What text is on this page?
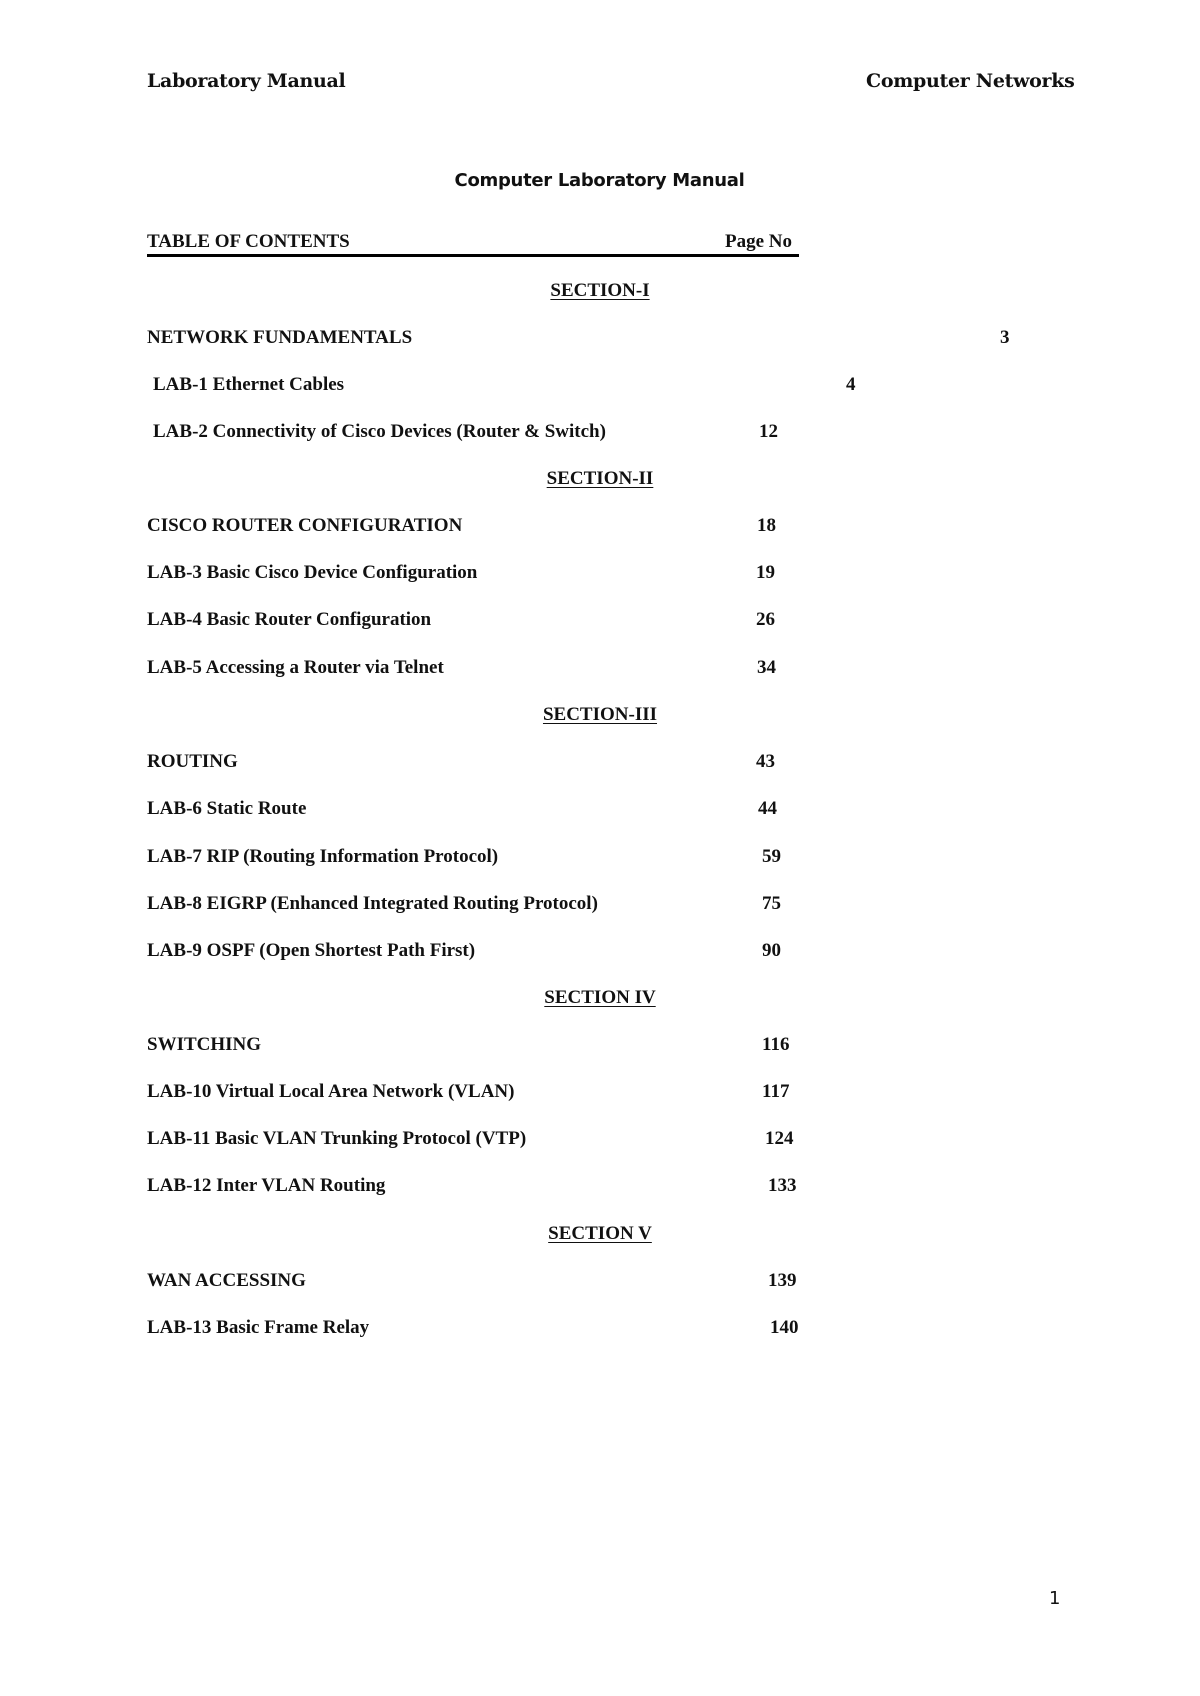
Laboratory Manual	Computer Networks
Computer Laboratory Manual
TABLE OF CONTENTS	Page No
SECTION-I
NETWORK FUNDAMENTALS	3
LAB-1 Ethernet Cables	4
LAB-2 Connectivity of Cisco Devices (Router & Switch)	12
SECTION-II
CISCO ROUTER CONFIGURATION	18
LAB-3 Basic Cisco Device Configuration	19
LAB-4 Basic Router Configuration	26
LAB-5 Accessing a Router via Telnet	34
SECTION-III
ROUTING	43
LAB-6 Static Route	44
LAB-7 RIP (Routing Information Protocol)	59
LAB-8 EIGRP (Enhanced Integrated Routing Protocol)	75
LAB-9 OSPF (Open Shortest Path First)	90
SECTION IV
SWITCHING	116
LAB-10 Virtual Local Area Network (VLAN)	117
LAB-11 Basic VLAN Trunking Protocol (VTP)	124
LAB-12 Inter VLAN Routing	133
SECTION V
WAN ACCESSING	139
LAB-13 Basic Frame Relay	140
1
